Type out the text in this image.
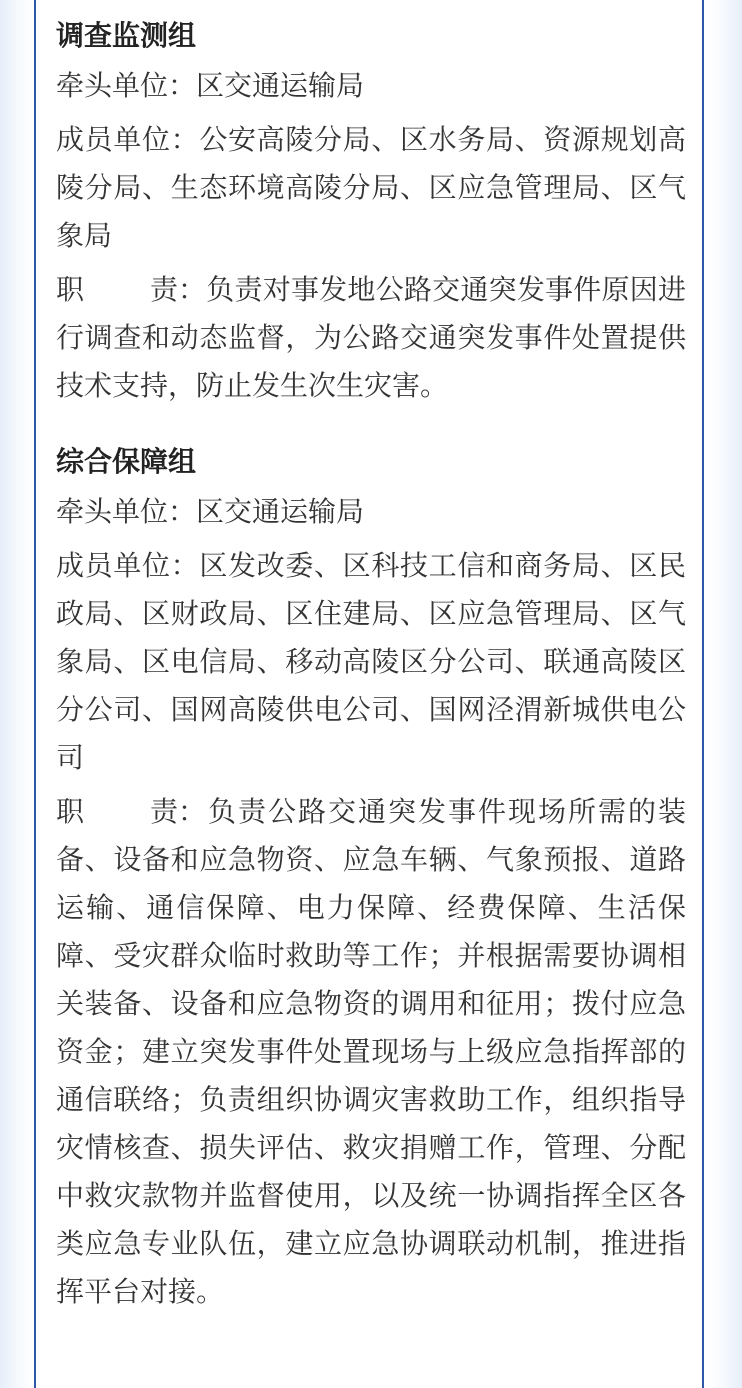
调查监测组

牵头单位：区交通运输局

成员单位：公安高陵分局、区水务局、资源规划高陵分局、生态环境高陵分局、区应急管理局、区气象局

职 责： 负责对事发地公路交通突发事件原因进行调查和动态监督，为公路交通突发事件处置提供技术支持，防止发生次生灾害。

综合保障组

牵头单位：区交通运输局

成员单位：区发改委、区科技工信和商务局、区民政局、区财政局、区住建局、区应急管理局、区气象局、区电信局、移动高陵区分公司、联通高陵区分公司、国网高陵供电公司、国网泾渭新城供电公司

职 责： 负责公路交通突发事件现场所需的装备、设备和应急物资、应急车辆、气象预报、道路运输、通信保障、电力保障、经费保障、生活保障、受灾群众临时救助等工作；并根据需要协调相关装备、设备和应急物资的调用和征用；拨付应急资金；建立突发事件处置现场与上级应急指挥部的通信联络；负责组织协调灾害救助工作，组织指导灾情核查、损失评估、救灾捐赠工作，管理、分配中救灾款物并监督使用，以及统一协调指挥全区各类应急专业队伍，建立应急协调联动机制，推进指挥平台对接。
